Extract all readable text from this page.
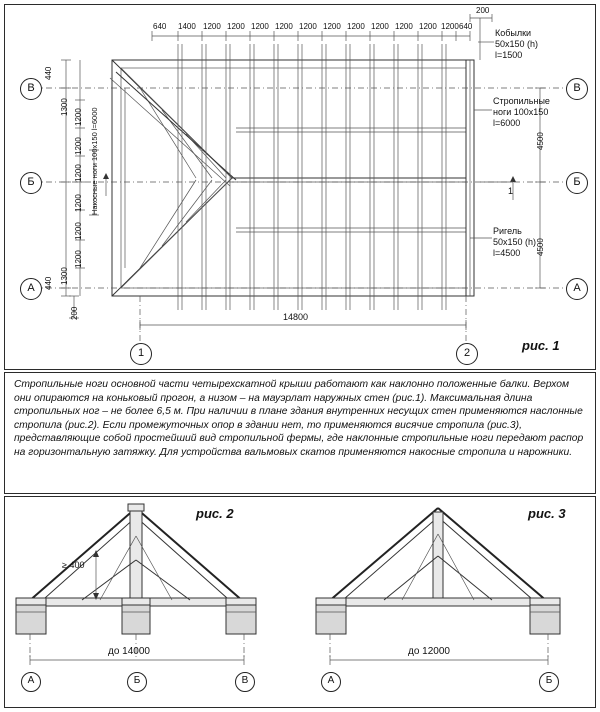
рис. 1
640 1400 1200 1200 1200 1200 1200 1200 1200 1200 1200 1200 1200 640
200
14800
440
1300
440 1300
1200
1200
1200
1200
1200
1200
Накосные ноги 100х150 l=6000
200
4500
4500
Кобылки
50х150 (h)
l=1500
Стропильные
ноги 100х150
l=6000
Ригель
50х150 (h)
l=4500
1
В
Б
А
В
Б
А
1	2
Стропильные ноги основной части четырехскатной крыши работают как наклонно положенные балки. Верхом они опираются на коньковый прогон, а низом – на мауэрлат наружных стен (рис.1). Максимальная длина стропильных ног – не более 6,5 м. При наличии в плане здания внутренних несущих стен применяются наслонные стропила (рис.2). Если промежуточных опор в здании нет, то применяются висячие стропила (рис.3), представляющие собой простейший вид стропильной фермы, где наклонные стропильные ноги передают распор на горизонтальную затяжку. Для устройства вальмовых скатов применяются накосные стропила и нарожники.
рис. 2	рис. 3
≥ 400
до 14000	до 12000
А	Б	В	А	Б
